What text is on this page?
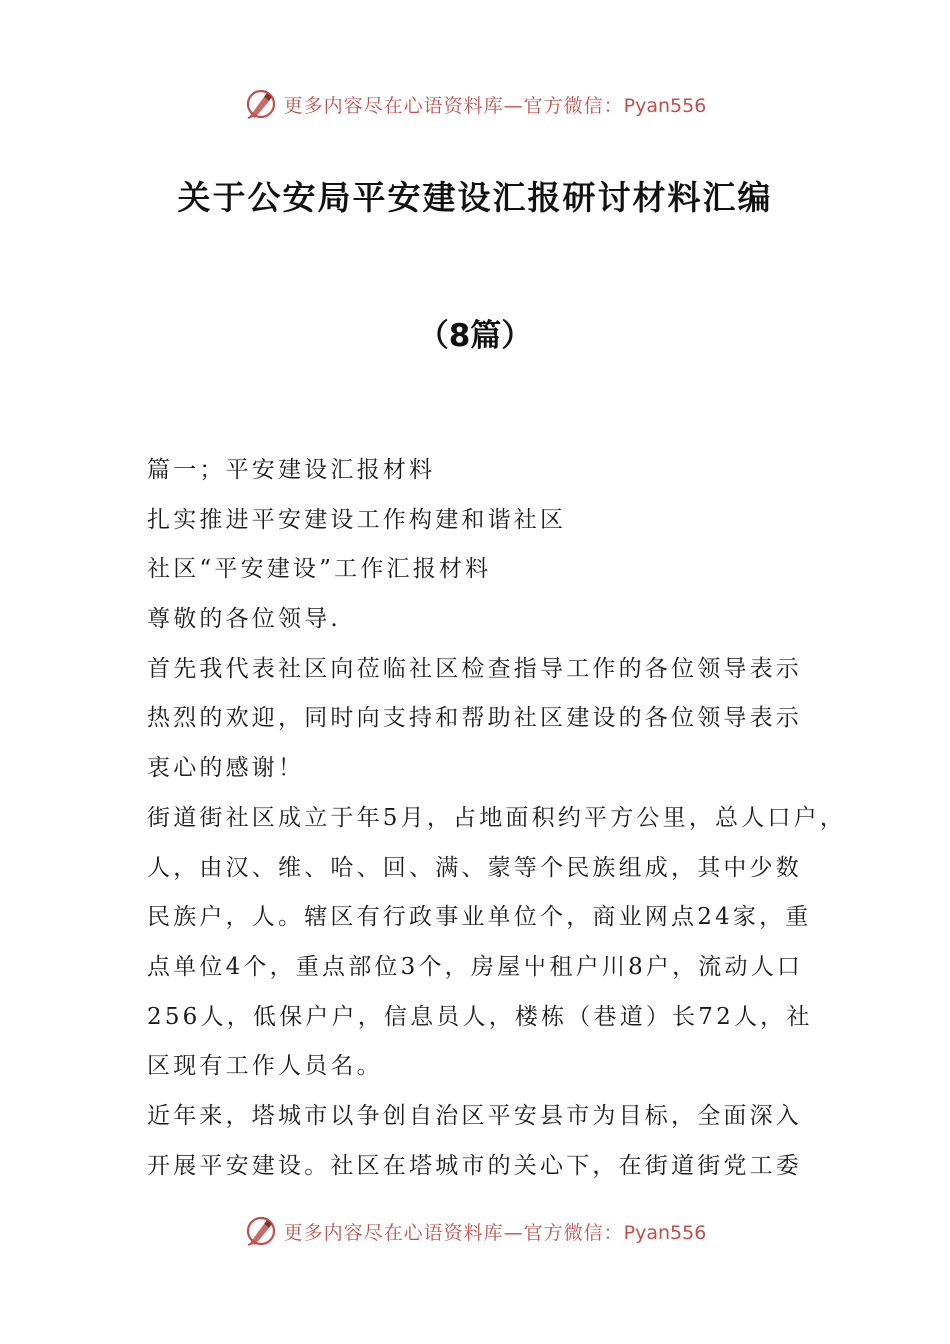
更多内容尽在心语资料库—官方微信：Pyan556
关于公安局平安建设汇报研讨材料汇编
（8篇）
篇一；平安建设汇报材料
扎实推进平安建设工作构建和谐社区
社区“平安建设”工作汇报材料
尊敬的各位领导.
首先我代表社区向莅临社区检查指导工作的各位领导表示
热烈的欢迎，同时向支持和帮助社区建设的各位领导表示
衷心的感谢！
街道街社区成立于年5月，占地面积约平方公里，总人口户，
人，由汉、维、哈、回、满、蒙等个民族组成，其中少数
民族户，人。辖区有行政事业单位个，商业网点24家，重
点单位4个，重点部位3个，房屋屮租户川8户，流动人口
256人，低保户户，信息员人，楼栋（巷道）长72人，社
区现有工作人员名。
近年来，塔城市以争创自治区平安县市为目标，全面深入
开展平安建设。社区在塔城市的关心下，在街道街党工委
更多内容尽在心语资料库—官方微信：Pyan556
